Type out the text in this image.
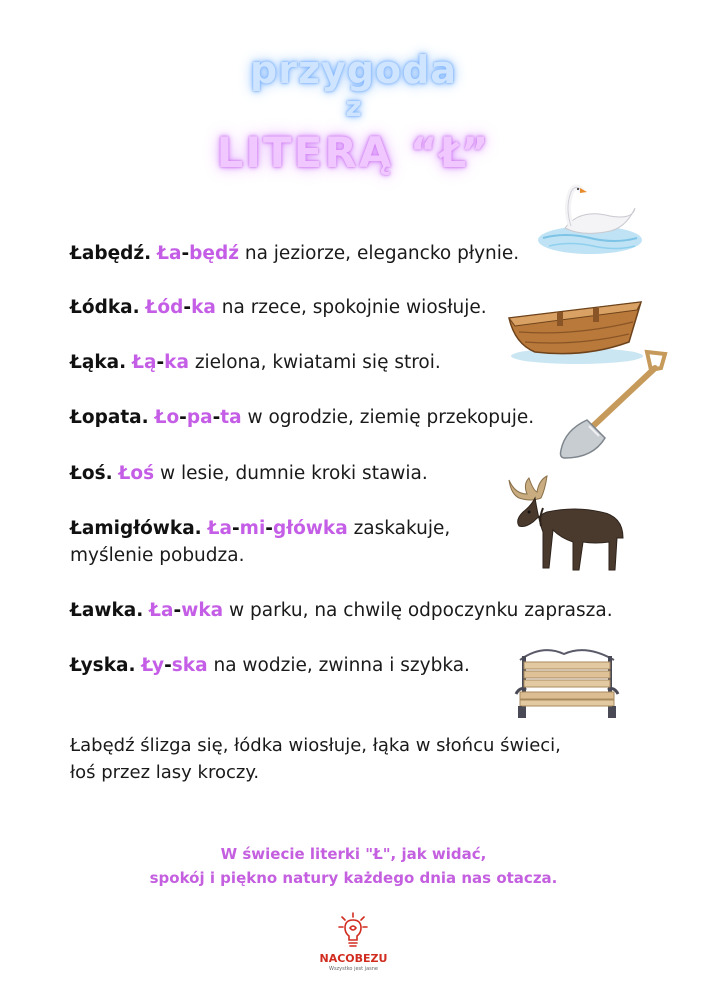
przygoda
z
LITERĄ “Ł”
Łabędź. Ła-będź na jeziorze, elegancko płynie.
Łódka. Łód-ka na rzece, spokojnie wiosłuje.
Łąka. Łą-ka zielona, kwiatami się stroi.
Łopata. Ło-pa-ta w ogrodzie, ziemię przekopuje.
Łoś. Łoś w lesie, dumnie kroki stawia.
Łamigłówka. Ła-mi-główka zaskakuje,
myślenie pobudza.
Ławka. Ła-wka w parku, na chwilę odpoczynku zaprasza.
Łyska. Ły-ska na wodzie, zwinna i szybka.
Łabędź ślizga się, łódka wiosłuje, łąka w słońcu świeci,
łoś przez lasy kroczy.
W świecie literki "Ł", jak widać,
spokój i piękno natury każdego dnia nas otacza.
NACOBEZU
Wszystko jest jasne
